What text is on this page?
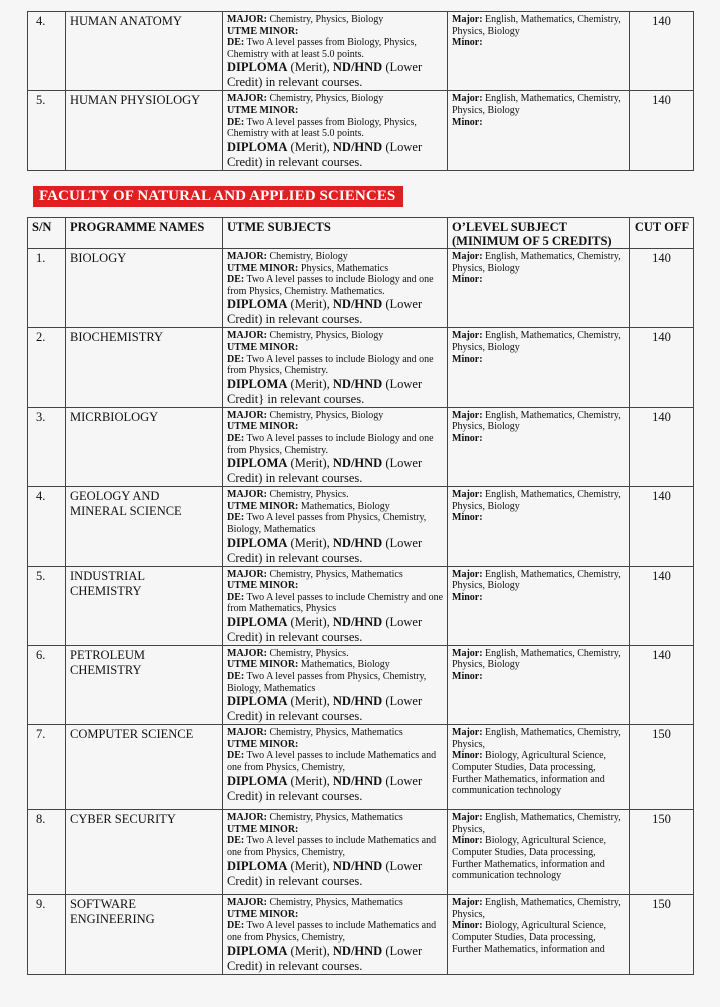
4.	HUMAN ANATOMY	MAJOR: Chemistry, Physics, Biology
UTME MINOR:
DE: Two A level passes from Biology, Physics, Chemistry with at least 5.0 points.
DIPLOMA (Merit), ND/HND (Lower Credit) in relevant courses.	Major: English, Mathematics, Chemistry, Physics, Biology
Minor:	140
5.	HUMAN PHYSIOLOGY	MAJOR: Chemistry, Physics, Biology
UTME MINOR:
DE: Two A level passes from Biology, Physics, Chemistry with at least 5.0 points.
DIPLOMA (Merit), ND/HND (Lower Credit) in relevant courses.	Major: English, Mathematics, Chemistry, Physics, Biology
Minor:	140
FACULTY OF NATURAL AND APPLIED SCIENCES
S/N	PROGRAMME NAMES	UTME SUBJECTS	O’LEVEL SUBJECT (MINIMUM OF 5 CREDITS)	CUT OFF
1.	BIOLOGY	MAJOR: Chemistry, Biology
UTME MINOR: Physics, Mathematics
DE: Two A level passes to include Biology and one from Physics, Chemistry. Mathematics.
DIPLOMA (Merit), ND/HND (Lower Credit) in relevant courses.	Major: English, Mathematics, Chemistry, Physics, Biology
Minor:	140
2.	BIOCHEMISTRY	MAJOR: Chemistry, Physics, Biology
UTME MINOR:
DE: Two A level passes to include Biology and one from Physics, Chemistry.
DIPLOMA (Merit), ND/HND (Lower Credit} in relevant courses.	Major: English, Mathematics, Chemistry, Physics, Biology
Minor:	140
3.	MICRBIOLOGY	MAJOR: Chemistry, Physics, Biology
UTME MINOR:
DE: Two A level passes to include Biology and one from Physics, Chemistry.
DIPLOMA (Merit), ND/HND (Lower Credit) in relevant courses.	Major: English, Mathematics, Chemistry, Physics, Biology
Minor:	140
4.	GEOLOGY AND MINERAL SCIENCE	MAJOR: Chemistry, Physics.
UTME MINOR: Mathematics, Biology
DE: Two A level passes from Physics, Chemistry, Biology, Mathematics
DIPLOMA (Merit), ND/HND (Lower Credit) in relevant courses.	Major: English, Mathematics, Chemistry, Physics, Biology
Minor:	140
5.	INDUSTRIAL CHEMISTRY	MAJOR: Chemistry, Physics, Mathematics
UTME MINOR:
DE: Two A level passes to include Chemistry and one from Mathematics, Physics
DIPLOMA (Merit), ND/HND (Lower Credit) in relevant courses.	Major: English, Mathematics, Chemistry, Physics, Biology
Minor:	140
6.	PETROLEUM CHEMISTRY	MAJOR: Chemistry, Physics.
UTME MINOR: Mathematics, Biology
DE: Two A level passes from Physics, Chemistry, Biology, Mathematics
DIPLOMA (Merit), ND/HND (Lower Credit) in relevant courses.	Major: English, Mathematics, Chemistry, Physics, Biology
Minor:	140
7.	COMPUTER SCIENCE	MAJOR: Chemistry, Physics, Mathematics
UTME MINOR:
DE: Two A level passes to include Mathematics and one from Physics, Chemistry,
DIPLOMA (Merit), ND/HND (Lower Credit) in relevant courses.	Major: English, Mathematics, Chemistry, Physics,
Minor: Biology, Agricultural Science, Computer Studies, Data processing, Further Mathematics, information and communication technology	150
8.	CYBER SECURITY	MAJOR: Chemistry, Physics, Mathematics
UTME MINOR:
DE: Two A level passes to include Mathematics and one from Physics, Chemistry,
DIPLOMA (Merit), ND/HND (Lower Credit) in relevant courses.	Major: English, Mathematics, Chemistry, Physics,
Minor: Biology, Agricultural Science, Computer Studies, Data processing, Further Mathematics, information and communication technology	150
9.	SOFTWARE ENGINEERING	MAJOR: Chemistry, Physics, Mathematics
UTME MINOR:
DE: Two A level passes to include Mathematics and one from Physics, Chemistry,
DIPLOMA (Merit), ND/HND (Lower Credit) in relevant courses.	Major: English, Mathematics, Chemistry, Physics,
Minor: Biology, Agricultural Science, Computer Studies, Data processing, Further Mathematics, information and	150
